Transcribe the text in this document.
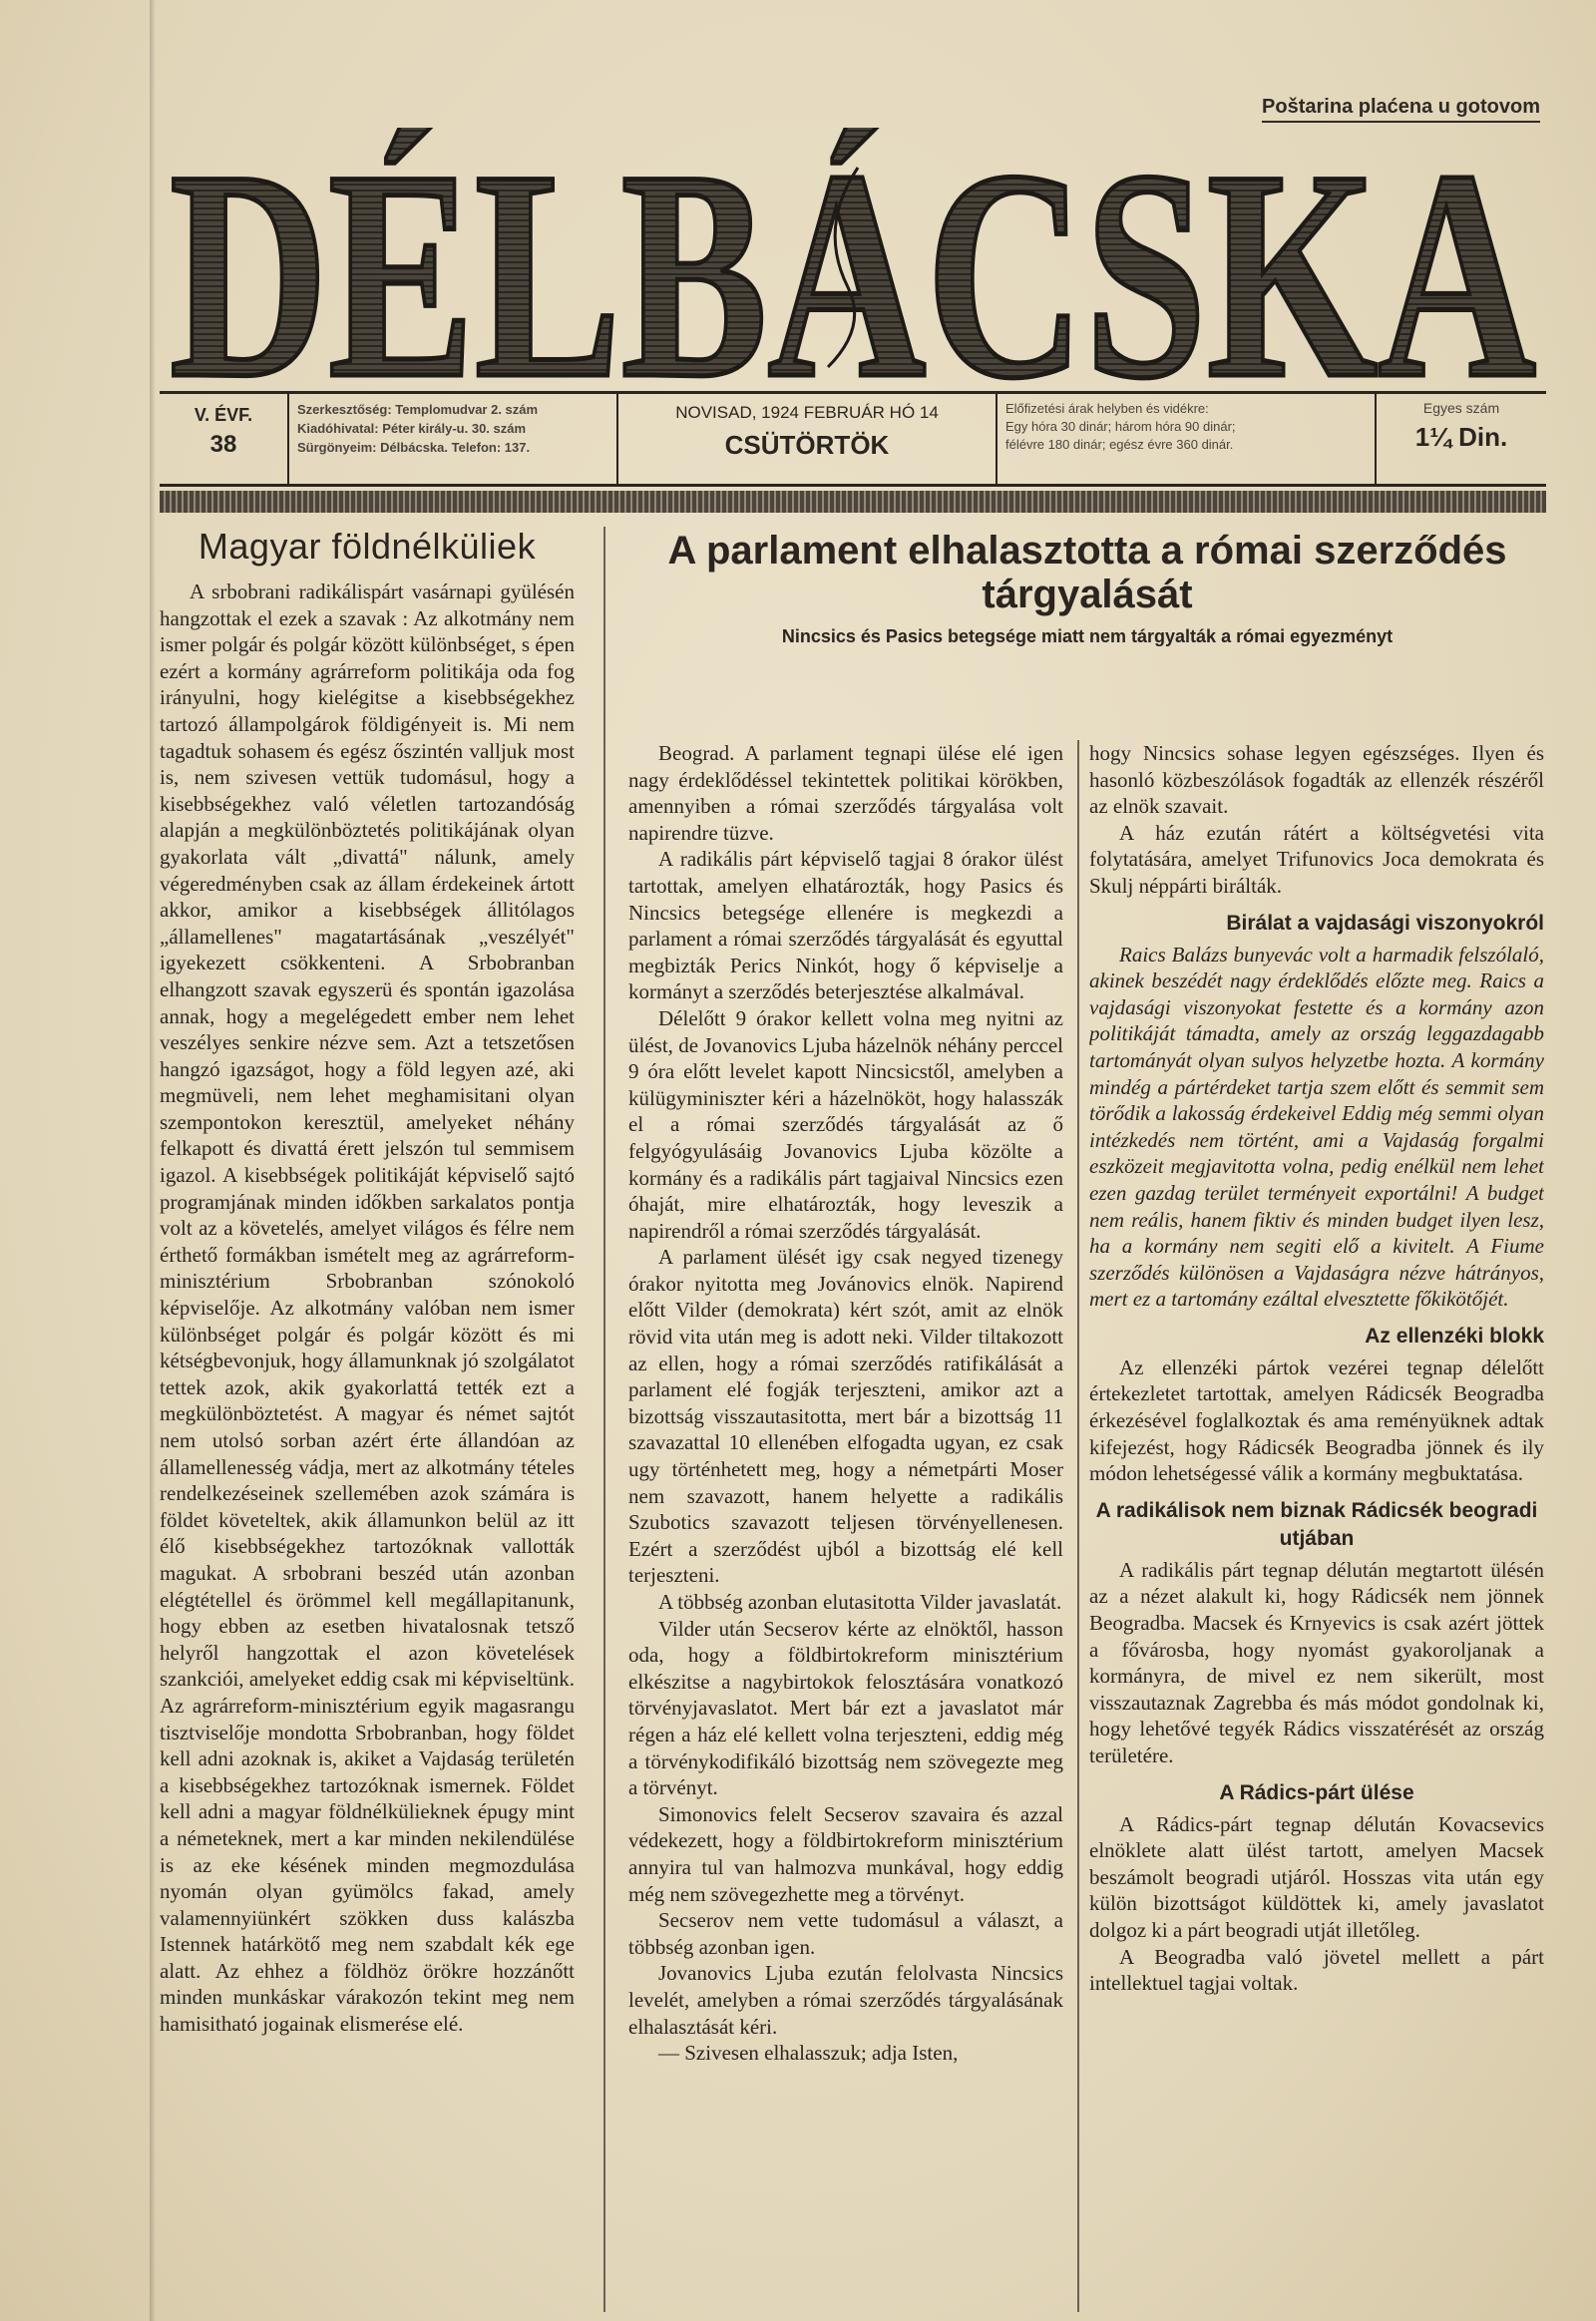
Poštarina plaćena u gotovom
DÉLBÁCSKA
V. ÉVF.
38
Szerkesztőség: Templomudvar 2. szám
Kiadóhivatal: Péter király-u. 30. szám
Sürgönyeim: Délbácska. Telefon: 137.
NOVISAD, 1924 FEBRUÁR HÓ 14
CSÜTÖRTÖK
Előfizetési árak helyben és vidékre:
Egy hóra 30 dinár; három hóra 90 dinár;
félévre 180 dinár; egész évre 360 dinár.
Egyes szám
1¼ Din.
Magyar földnélküliek

A srbobrani radikálispárt vasárnapi gyülésén hangzottak el ezek a szavak : Az alkotmány nem ismer polgár és polgár között különbséget, s épen ezért a kormány agrárreform politikája oda fog irányulni, hogy kielégitse a kisebbségekhez tartozó állampolgárok földigényeit is. Mi nem tagadtuk sohasem és egész őszintén valljuk most is, nem szivesen vettük tudomásul, hogy a kisebbségekhez való véletlen tartozandóság alapján a megkülönböztetés politikájának olyan gyakorlata vált „divattá" nálunk, amely végeredményben csak az állam érdekeinek ártott akkor, amikor a kisebbségek állitólagos „államellenes" magatartásának „veszélyét" igyekezett csökkenteni. A Srbobranban elhangzott szavak egyszerü és spontán igazolása annak, hogy a megelégedett ember nem lehet veszélyes senkire nézve sem. Azt a tetszetősen hangzó igazságot, hogy a föld legyen azé, aki megmüveli, nem lehet meghamisitani olyan szempontokon keresztül, amelyeket néhány felkapott és divattá érett jelszón tul semmisem igazol. A kisebbségek politikáját képviselő sajtó programjának minden időkben sarkalatos pontja volt az a követelés, amelyet világos és félre nem érthető formákban ismételt meg az agrárreform-minisztérium Srbobranban szónokoló képviselője. Az alkotmány valóban nem ismer különbséget polgár és polgár között és mi kétségbevonjuk, hogy államunknak jó szolgálatot tettek azok, akik gyakorlattá tették ezt a megkülönböztetést. A magyar és német sajtót nem utolsó sorban azért érte állandóan az államellenesség vádja, mert az alkotmány tételes rendelkezéseinek szellemében azok számára is földet követeltek, akik államunkon belül az itt élő kisebbségekhez tartozóknak vallották magukat. A srbobrani beszéd után azonban elégtétellel és örömmel kell megállapitanunk, hogy ebben az esetben hivatalosnak tetsző helyről hangzottak el azon követelések szankciói, amelyeket eddig csak mi képviseltünk. Az agrárreform-minisztérium egyik magasrangu tisztviselője mondotta Srbobranban, hogy földet kell adni azoknak is, akiket a Vajdaság területén a kisebbségekhez tartozóknak ismernek. Földet kell adni a magyar földnélkülieknek épugy mint a németeknek, mert a kar minden nekilendülése is az eke késének minden megmozdulása nyomán olyan gyümölcs fakad, amely valamennyiünkért szökken duss kalászba Istennek határkötő meg nem szabdalt kék ege alatt. Az ehhez a földhöz örökre hozzánőtt minden munkáskar várakozón tekint meg nem hamisitható jogainak elismerése elé.

A parlament elhalasztotta a római szerződés tárgyalását
Nincsics és Pasics betegsége miatt nem tárgyalták a római egyezményt

Beograd. A parlament tegnapi ülése elé igen nagy érdeklődéssel tekintettek politikai körökben, amennyiben a római szerződés tárgyalása volt napirendre tüzve.

A radikális párt képviselő tagjai 8 órakor ülést tartottak, amelyen elhatározták, hogy Pasics és Nincsics betegsége ellenére is megkezdi a parlament a római szerződés tárgyalását és egyuttal megbizták Perics Ninkót, hogy ő képviselje a kormányt a szerződés beterjesztése alkalmával.

Délelőtt 9 órakor kellett volna meg nyitni az ülést, de Jovanovics Ljuba házelnök néhány perccel 9 óra előtt levelet kapott Nincsicstől, amelyben a külügyminiszter kéri a házelnököt, hogy halasszák el a római szerződés tárgyalását az ő felgyógyulásáig Jovanovics Ljuba közölte a kormány és a radikális párt tagjaival Nincsics ezen óhaját, mire elhatározták, hogy leveszik a napirendről a római szerződés tárgyalását.

A parlament ülését igy csak negyed tizenegy órakor nyitotta meg Jovánovics elnök. Napirend előtt Vilder (demokrata) kért szót, amit az elnök rövid vita után meg is adott neki. Vilder tiltakozott az ellen, hogy a római szerződés ratifikálását a parlament elé fogják terjeszteni, amikor azt a bizottság visszautasitotta, mert bár a bizottság 11 szavazattal 10 ellenében elfogadta ugyan, ez csak ugy történhetett meg, hogy a németpárti Moser nem szavazott, hanem helyette a radikális Szubotics szavazott teljesen törvényellenesen. Ezért a szerződést ujból a bizottság elé kell terjeszteni.

A többség azonban elutasitotta Vilder javaslatát.

Vilder után Secserov kérte az elnöktől, hasson oda, hogy a földbirtokreform minisztérium elkészitse a nagybirtokok felosztására vonatkozó törvényjavaslatot. Mert bár ezt a javaslatot már régen a ház elé kellett volna terjeszteni, eddig még a törvénykodifikáló bizottság nem szövegezte meg a törvényt.

Simonovics felelt Secserov szavaira és azzal védekezett, hogy a földbirtokreform minisztérium annyira tul van halmozva munkával, hogy eddig még nem szövegezhette meg a törvényt.

Secserov nem vette tudomásul a választ, a többség azonban igen.

Jovanovics Ljuba ezután felolvasta Nincsics levelét, amelyben a római szerződés tárgyalásának elhalasztását kéri.

— Szivesen elhalasszuk; adja Isten,

hogy Nincsics sohase legyen egészséges. Ilyen és hasonló közbeszólások fogadták az ellenzék részéről az elnök szavait.

A ház ezután rátért a költségvetési vita folytatására, amelyet Trifunovics Joca demokrata és Skulj néppárti birálták.

Birálat a vajdasági viszonyokról

Raics Balázs bunyevác volt a harmadik felszólaló, akinek beszédét nagy érdeklődés előzte meg. Raics a vajdasági viszonyokat festette és a kormány azon politikáját támadta, amely az ország leggazdagabb tartományát olyan sulyos helyzetbe hozta. A kormány mindég a pártérdeket tartja szem előtt és semmit sem törődik a lakosság érdekeivel Eddig még semmi olyan intézkedés nem történt, ami a Vajdaság forgalmi eszközeit megjavitotta volna, pedig enélkül nem lehet ezen gazdag terület terményeit exportálni! A budget nem reális, hanem fiktiv és minden budget ilyen lesz, ha a kormány nem segiti elő a kivitelt. A Fiume szerződés különösen a Vajdaságra nézve hátrányos, mert ez a tartomány ezáltal elvesztette főkikötőjét.

Az ellenzéki blokk

Az ellenzéki pártok vezérei tegnap délelőtt értekezletet tartottak, amelyen Rádicsék Beogradba érkezésével foglalkoztak és ama reményüknek adtak kifejezést, hogy Rádicsék Beogradba jönnek és ily módon lehetségessé válik a kormány megbuktatása.

A radikálisok nem biznak Rádicsék beogradi utjában

A radikális párt tegnap délután megtartott ülésén az a nézet alakult ki, hogy Rádicsék nem jönnek Beogradba. Macsek és Krnyevics is csak azért jöttek a fővárosba, hogy nyomást gyakoroljanak a kormányra, de mivel ez nem sikerült, most visszautaznak Zagrebba és más módot gondolnak ki, hogy lehetővé tegyék Rádics visszatérését az ország területére.

A Rádics-párt ülése

A Rádics-párt tegnap délután Kovacsevics elnöklete alatt ülést tartott, amelyen Macsek beszámolt beogradi utjáról. Hosszas vita után egy külön bizottságot küldöttek ki, amely javaslatot dolgoz ki a párt beogradi utját illetőleg.

A Beogradba való jövetel mellett a párt intellektuel tagjai voltak.
